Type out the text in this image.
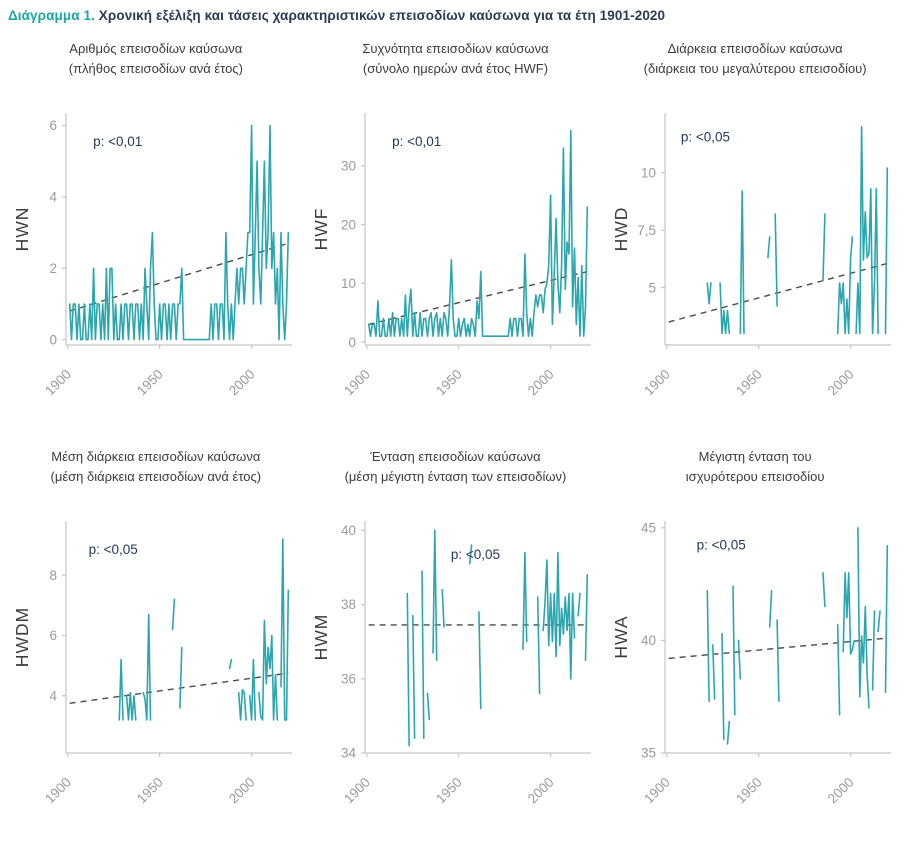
Διάγραμμα 1. Χρονική εξέλιξη και τάσεις χαρακτηριστικών επεισοδίων καύσωνα για τα έτη 1901-2020
Αριθμός επεισοδίων καύσωνα
(πλήθος επεισοδίων ανά έτος)
0
2
4
6
1900	1950	2000
HWN
p: <0,01
Συχνότητα επεισοδίων καύσωνα
(σύνολο ημερών ανά έτος HWF)
0
10
20
30
1900	1950	2000
HWF
p: <0,01
Διάρκεια επεισοδίων καύσωνα
(διάρκεια του μεγαλύτερου επεισοδίου)
5
7,5
10
1900	1950	2000
HWD
p: <0,05
Μέση διάρκεια επεισοδίων καύσωνα
(μέση διάρκεια επεισοδίων ανά έτος)
4
6
8
1900	1950	2000
HWDM
p: <0,05
Ένταση επεισοδίων καύσωνα
(μέση μέγιστη ένταση των επεισοδίων)
34
36
38
40
1900	1950	2000
HWM
p: <0,05
Μέγιστη ένταση του
ισχυρότερου επεισοδίου
35
40
45
1900	1950	2000
HWA
p: <0,05
